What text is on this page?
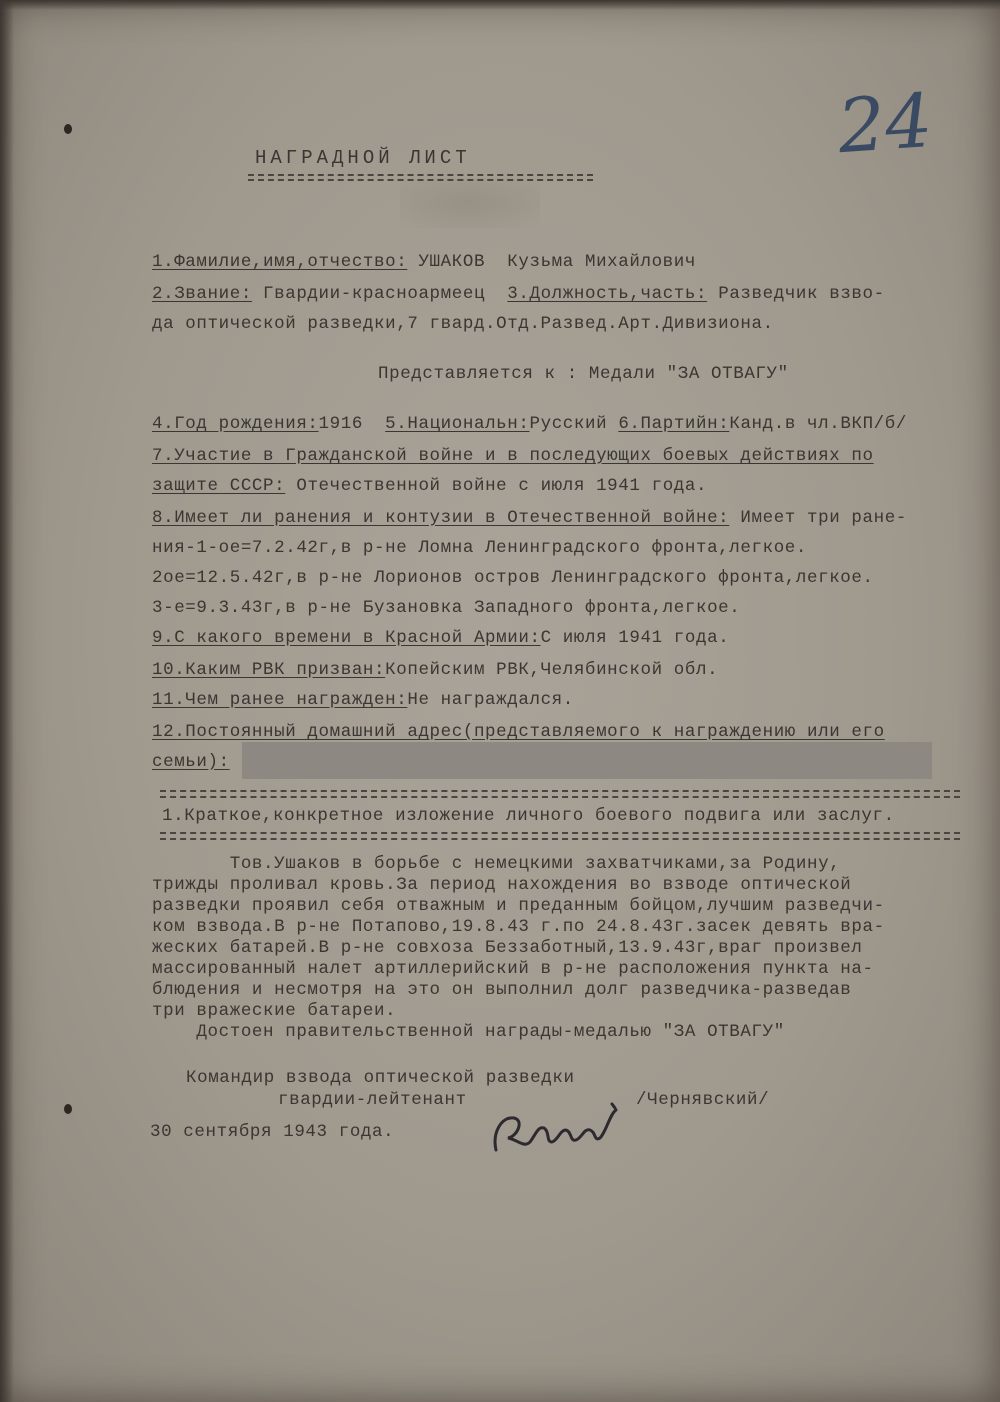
24
НАГРАДНОЙ ЛИСТ
1.Фамилие,имя,отчество: УШАКОВ  Кузьма Михайлович
2.Звание: Гвардии-красноармеец  3.Должность,часть: Разведчик взво-
да оптической разведки,7 гвард.Отд.Развед.Арт.Дивизиона.
Представляется к : Медали "ЗА ОТВАГУ"
4.Год рождения:1916  5.Национальн:Русский 6.Партийн:Канд.в чл.ВКП/б/
7.Участие в Гражданской войне и в последующих боевых действиях по
защите СССР: Отечественной войне с июля 1941 года.
8.Имеет ли ранения и контузии в Отечественной войне: Имеет три ране-
ния-1-ое=7.2.42г,в р-не Ломна Ленинградского фронта,легкое.
2ое=12.5.42г,в р-не Лорионов остров Ленинградского фронта,легкое.
3-е=9.3.43г,в р-не Бузановка Западного фронта,легкое.
9.С какого времени в Красной Армии:С июля 1941 года.
10.Каким РВК призван:Копейским РВК,Челябинской обл.
11.Чем ранее награжден:Не награждался.
12.Постоянный домашний адрес(представляемого к награждению или его
семьи):
1.Краткое,конкретное изложение личного боевого подвига или заслуг.
Тов.Ушаков в борьбе с немецкими захватчиками,за Родину,
трижды проливал кровь.За период нахождения во взводе оптической
разведки проявил себя отважным и преданным бойцом,лучшим разведчи-
ком взвода.В р-не Потапово,19.8.43 г.по 24.8.43г.засек девять вра-
жеских батарей.В р-не совхоза Беззаботный,13.9.43г,враг произвел
массированный налет артиллерийский в р-не расположения пункта на-
блюдения и несмотря на это он выполнил долг разведчика-разведав
три вражеские батареи.
Достоен правительственной награды-медалью "ЗА ОТВАГУ"
Командир взвода оптической разведки
гвардии-лейтенант	/Чернявский/
30 сентября 1943 года.
